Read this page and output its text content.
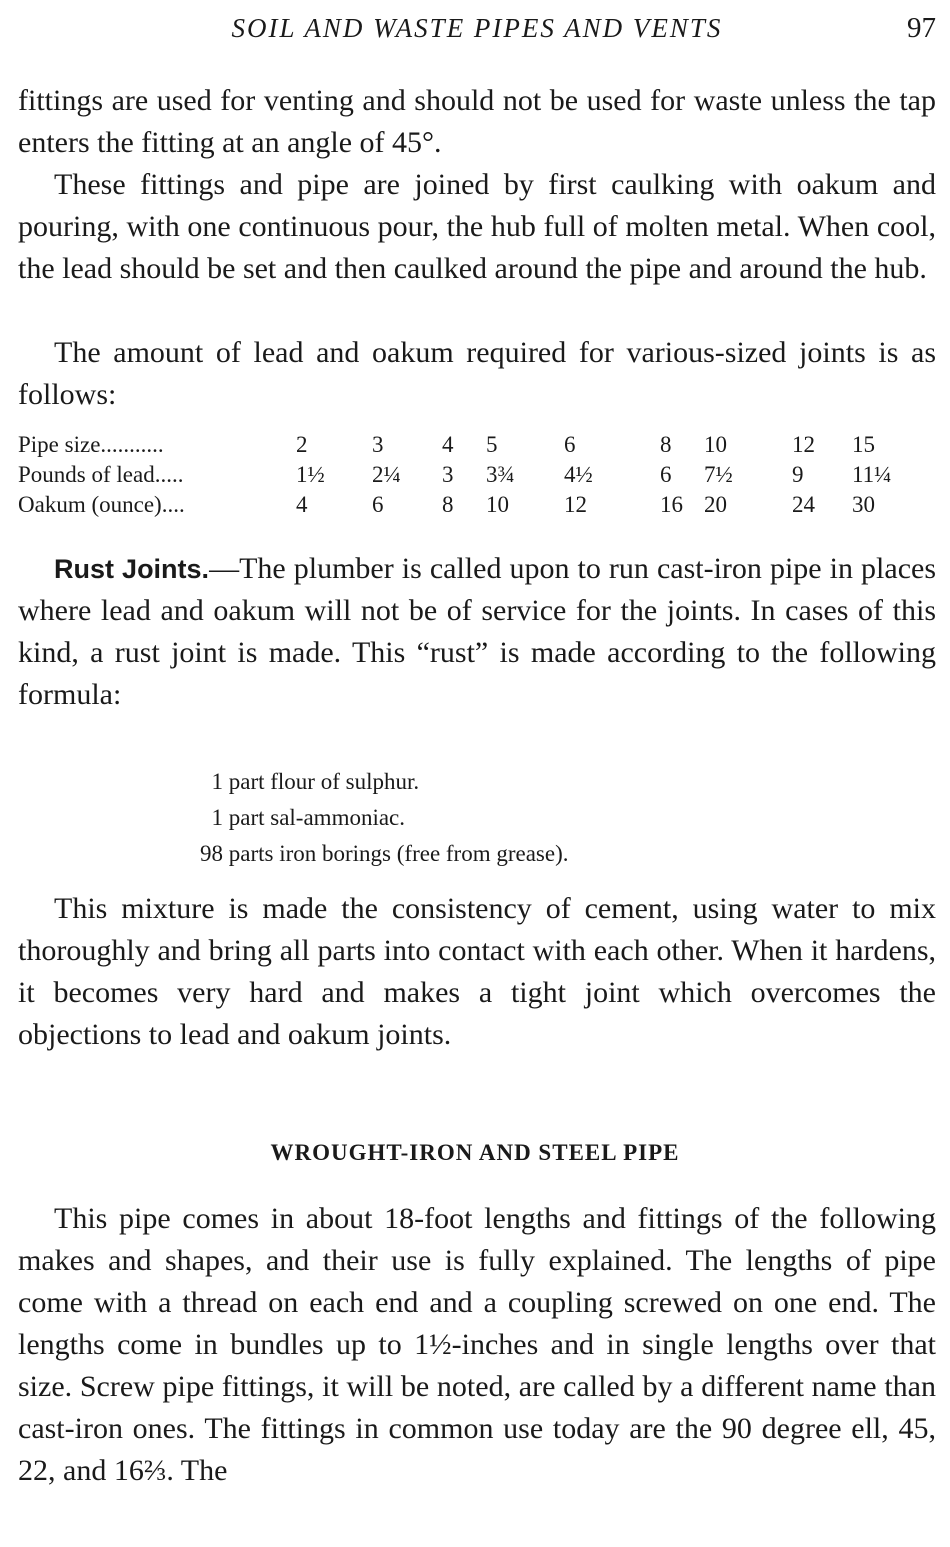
SOIL AND WASTE PIPES AND VENTS	97

fittings are used for venting and should not be used for waste unless the tap enters the fitting at an angle of 45°.

These fittings and pipe are joined by first caulking with oakum and pouring, with one continuous pour, the hub full of molten metal. When cool, the lead should be set and then caulked around the pipe and around the hub.

The amount of lead and oakum required for various-sized joints is as follows:

Pipe size...........	2	3	4	5	6	8	10	12	15
Pounds of lead.....	1½	2¼	3	3¾	4½	6	7½	9	11¼
Oakum (ounce)....	4	6	8	10	12	16	20	24	30

Rust Joints.—The plumber is called upon to run cast-iron pipe in places where lead and oakum will not be of service for the joints. In cases of this kind, a rust joint is made. This “rust” is made according to the following formula:

1 part flour of sulphur.
1 part sal-ammoniac.
98 parts iron borings (free from grease).

This mixture is made the consistency of cement, using water to mix thoroughly and bring all parts into contact with each other. When it hardens, it becomes very hard and makes a tight joint which overcomes the objections to lead and oakum joints.

WROUGHT-IRON AND STEEL PIPE

This pipe comes in about 18-foot lengths and fittings of the following makes and shapes, and their use is fully explained. The lengths of pipe come with a thread on each end and a coupling screwed on one end. The lengths come in bundles up to 1½-inches and in single lengths over that size. Screw pipe fittings, it will be noted, are called by a different name than cast-iron ones. The fittings in common use today are the 90 degree ell, 45, 22, and 16⅔. The
